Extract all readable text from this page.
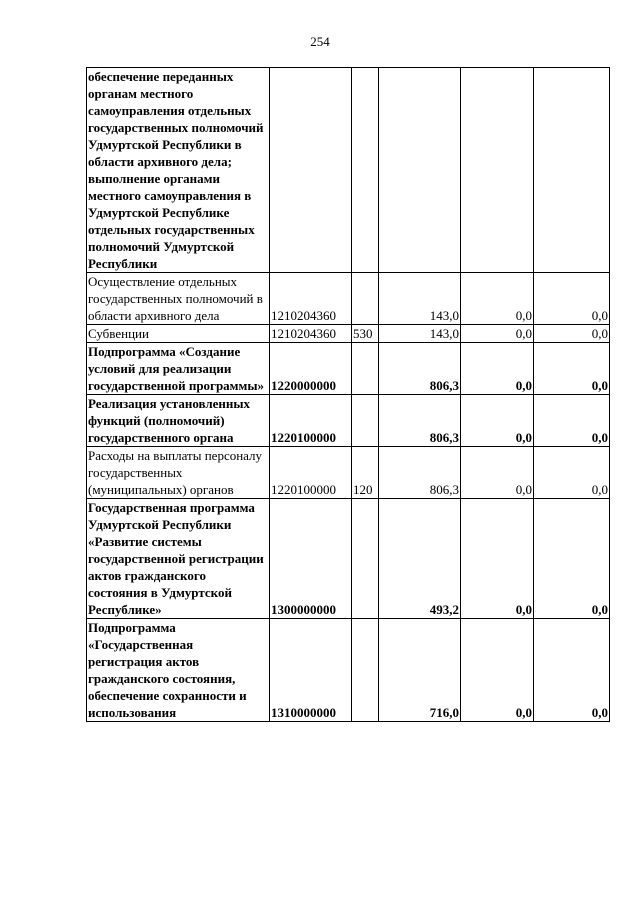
254
обеспечение переданных органам местного самоуправления отдельных государственных полномочий Удмуртской Республики в области архивного дела; выполнение органами местного самоуправления в Удмуртской Республике отдельных государственных полномочий Удмуртской Республики					
Осуществление отдельных государственных полномочий в области архивного дела	1210204360		143,0	0,0	0,0
Субвенции	1210204360	530	143,0	0,0	0,0
Подпрограмма «Создание условий для реализации государственной программы»	1220000000		806,3	0,0	0,0
Реализация установленных функций (полномочий) государственного органа	1220100000		806,3	0,0	0,0
Расходы на выплаты персоналу государственных (муниципальных) органов	1220100000	120	806,3	0,0	0,0
Государственная программа Удмуртской Республики «Развитие системы государственной регистрации актов гражданского состояния в Удмуртской Республике»	1300000000		493,2	0,0	0,0
Подпрограмма «Государственная регистрация актов гражданского состояния, обеспечение сохранности и использования	1310000000		716,0	0,0	0,0
